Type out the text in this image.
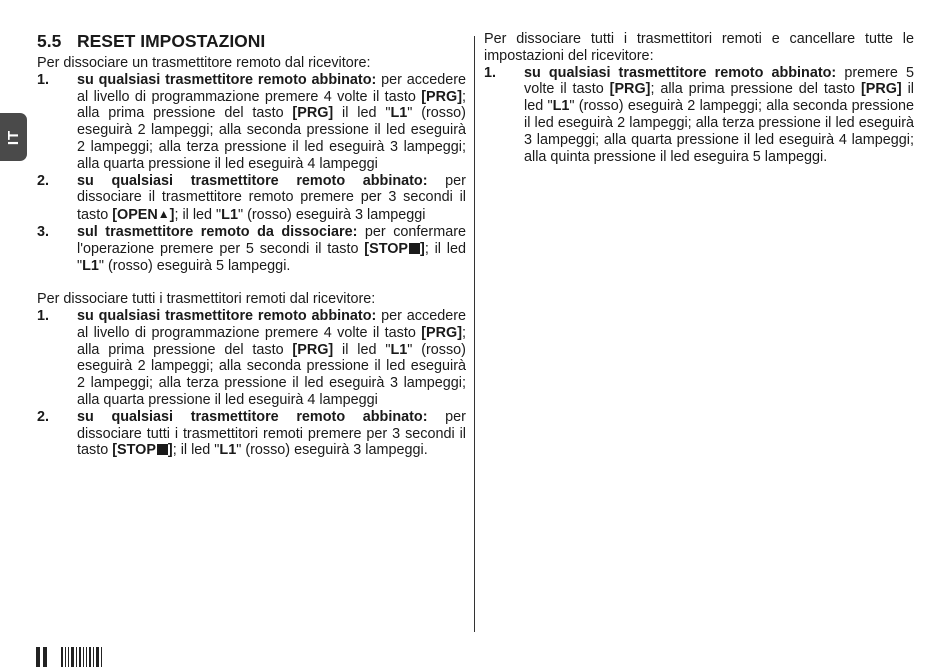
IT
5.5 RESET IMPOSTAZIONI

Per dissociare un trasmettitore remoto dal ricevitore:

1. su qualsiasi trasmettitore remoto abbinato: per accedere al livello di programmazione premere 4 volte il tasto [PRG]; alla prima pressione del tasto [PRG] il led "L1" (rosso) eseguirà 2 lampeggi; alla seconda pressione il led eseguirà 2 lampeggi; alla terza pressione il led eseguirà 3 lampeggi; alla quarta pressione il led eseguirà 4 lampeggi
2. su qualsiasi trasmettitore remoto abbinato: per dissociare il trasmettitore remoto premere per 3 secondi il tasto [OPEN▲]; il led "L1" (rosso) eseguirà 3 lampeggi
3. sul trasmettitore remoto da dissociare: per confermare l'operazione premere per 5 secondi il tasto [STOP ]; il led "L1" (rosso) eseguirà 5 lampeggi.

Per dissociare tutti i trasmettitori remoti dal ricevitore:

1. su qualsiasi trasmettitore remoto abbinato: per accedere al livello di programmazione premere 4 volte il tasto [PRG]; alla prima pressione del tasto [PRG] il led "L1" (rosso) eseguirà 2 lampeggi; alla seconda pressione il led eseguirà 2 lampeggi; alla terza pressione il led eseguirà 3 lampeggi; alla quarta pressione il led eseguirà 4 lampeggi
2. su qualsiasi trasmettitore remoto abbinato: per dissociare tutti i trasmettitori remoti premere per 3 secondi il tasto [STOP ]; il led "L1" (rosso) eseguirà 3 lampeggi.

Per dissociare tutti i trasmettitori remoti e cancellare tutte le impostazioni del ricevitore:

1. su qualsiasi trasmettitore remoto abbinato: premere 5 volte il tasto [PRG]; alla prima pressione del tasto [PRG] il led "L1" (rosso) eseguirà 2 lampeggi; alla seconda pressione il led eseguirà 2 lampeggi; alla terza pressione il led eseguirà 3 lampeggi; alla quarta pressione il led eseguirà 4 lampeggi; alla quinta pressione il led eseguira 5 lampeggi.
